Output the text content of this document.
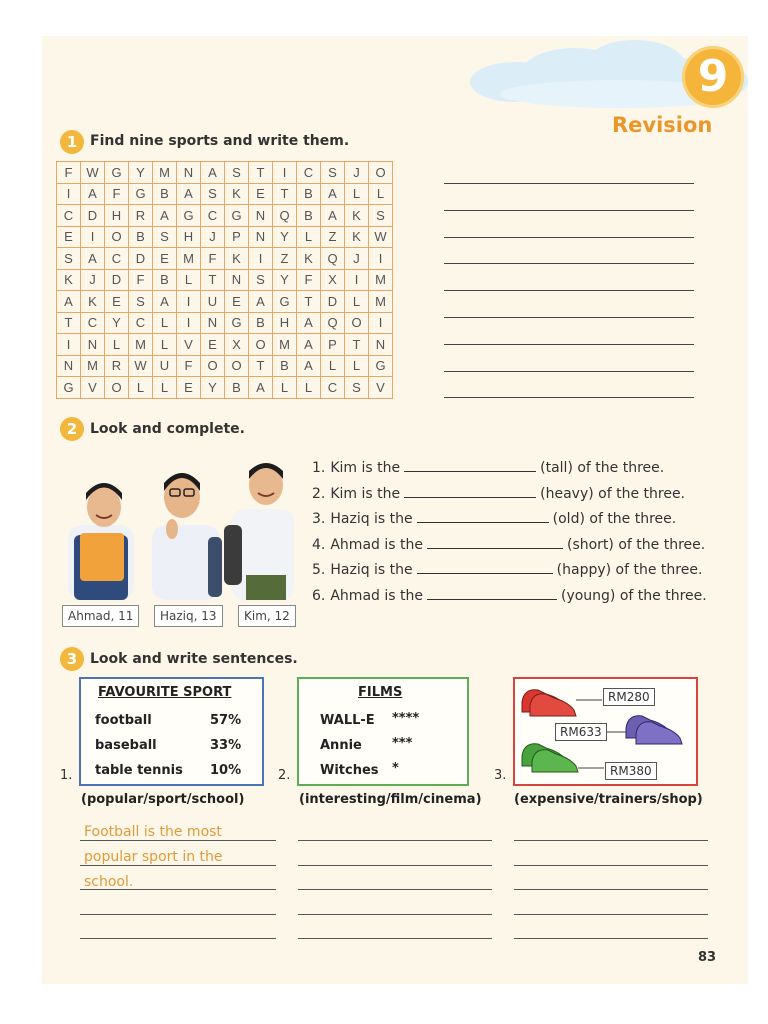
9
Revision
1 Find nine sports and write them.
F	W	G	Y	M	N	A	S	T	I	C	S	J	O
I	A	F	G	B	A	S	K	E	T	B	A	L	L
C	D	H	R	A	G	C	G	N	Q	B	A	K	S
E	I	O	B	S	H	J	P	N	Y	L	Z	K	W
S	A	C	D	E	M	F	K	I	Z	K	Q	J	I
K	J	D	F	B	L	T	N	S	Y	F	X	I	M
A	K	E	S	A	I	U	E	A	G	T	D	L	M
T	C	Y	C	L	I	N	G	B	H	A	Q	O	I
I	N	L	M	L	V	E	X	O	M	A	P	T	N
N	M	R	W	U	F	O	O	T	B	A	L	L	G
G	V	O	L	L	E	Y	B	A	L	L	C	S	V
2 Look and complete.
Ahmad, 11	Haziq, 13	Kim, 12
1. Kim is the	(tall) of the three.
2. Kim is the	(heavy) of the three.
3. Haziq is the	(old) of the three.
4. Ahmad is the	(short) of the three.
5. Haziq is the	(happy) of the three.
6. Ahmad is the	(young) of the three.
3 Look and write sentences.
FAVOURITE SPORT
football	57%
baseball	33%
table tennis 10%
1.
FILMS
WALL-E ****
Annie ***
Witches *
2.
RM280
RM633
RM380
3.
(popular/sport/school)	(interesting/film/cinema) (expensive/trainers/shop)
Football is the most
popular sport in the
school.
83
